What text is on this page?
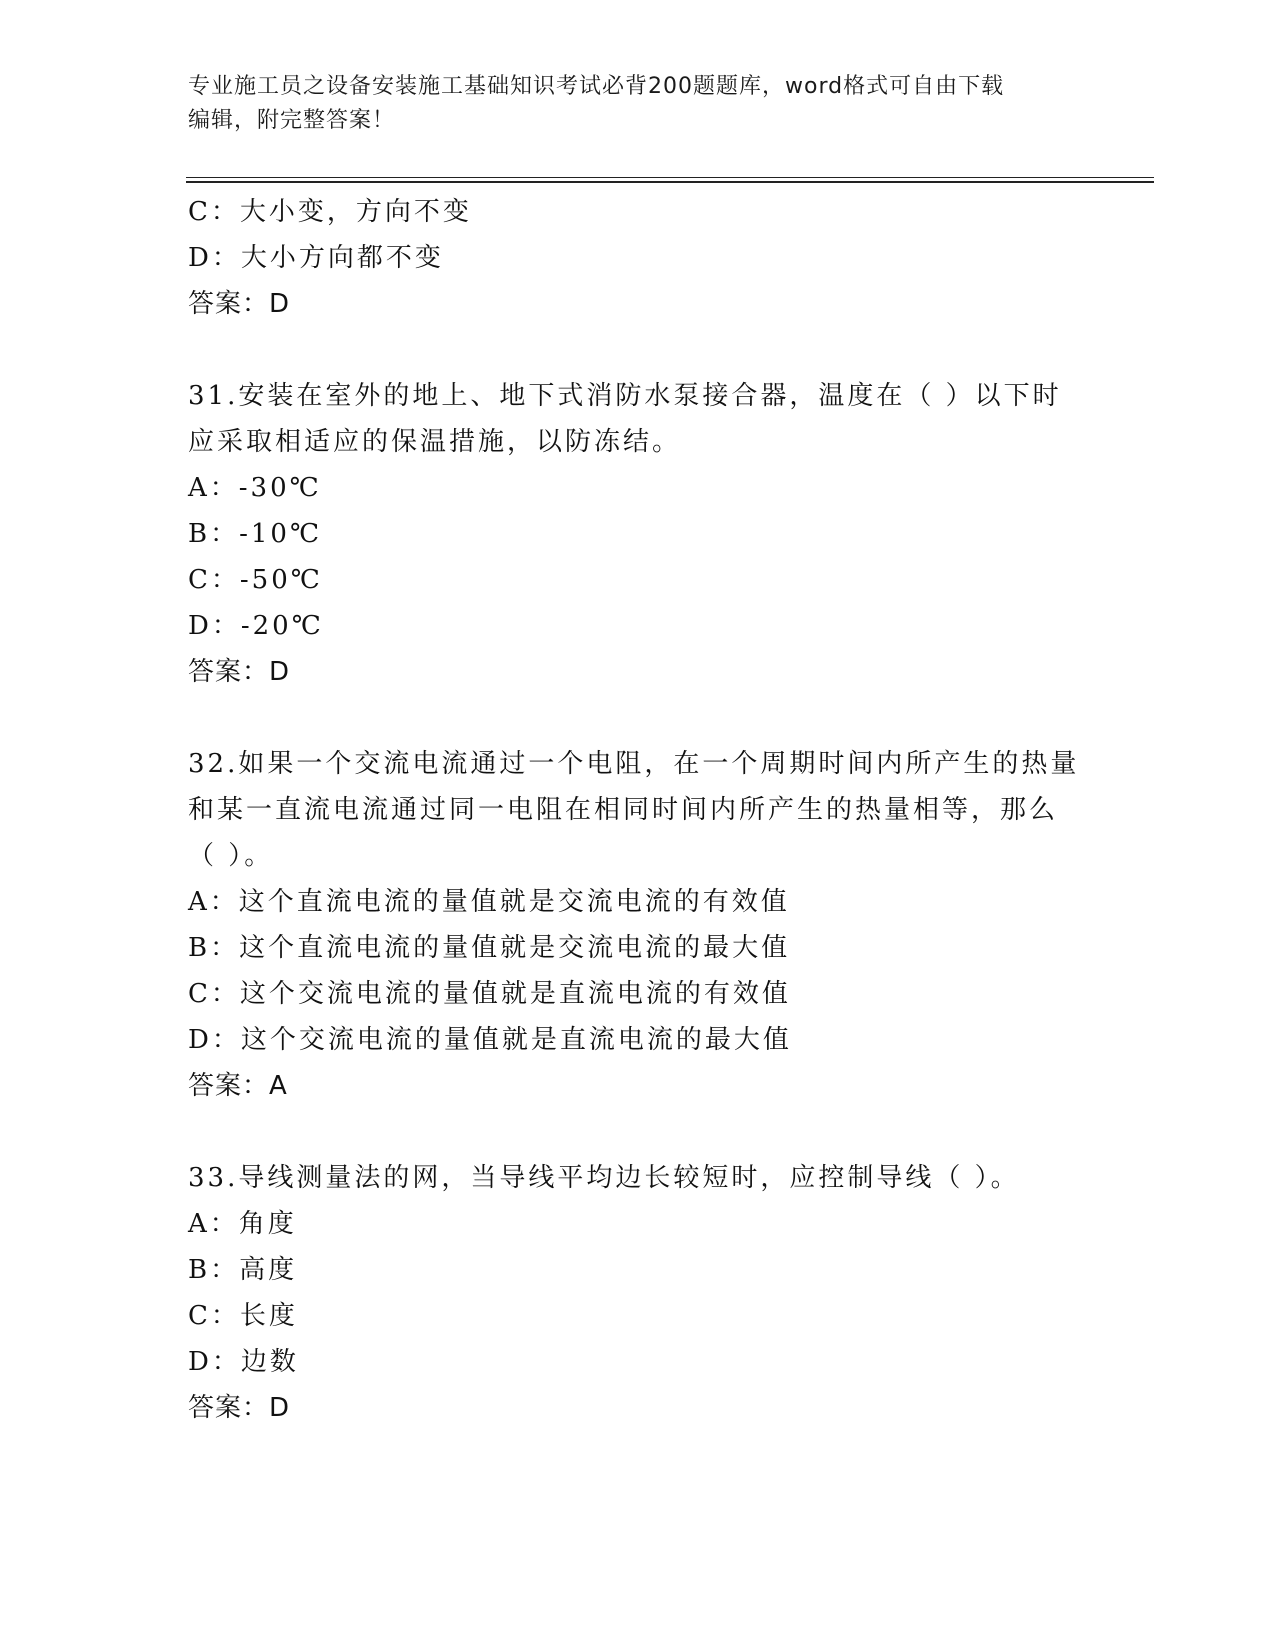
专业施工员之设备安装施工基础知识考试必背200题题库，word格式可自由下载
编辑，附完整答案！
C：大小变，方向不变
D：大小方向都不变
答案：D
31.安装在室外的地上、地下式消防水泵接合器，温度在（ ）以下时
应采取相适应的保温措施，以防冻结。
A：-30℃
B：-10℃
C：-50℃
D：-20℃
答案：D
32.如果一个交流电流通过一个电阻，在一个周期时间内所产生的热量
和某一直流电流通过同一电阻在相同时间内所产生的热量相等，那么
（ ）。
A：这个直流电流的量值就是交流电流的有效值
B：这个直流电流的量值就是交流电流的最大值
C：这个交流电流的量值就是直流电流的有效值
D：这个交流电流的量值就是直流电流的最大值
答案：A
33.导线测量法的网，当导线平均边长较短时，应控制导线（ ）。
A：角度
B：高度
C：长度
D：边数
答案：D
